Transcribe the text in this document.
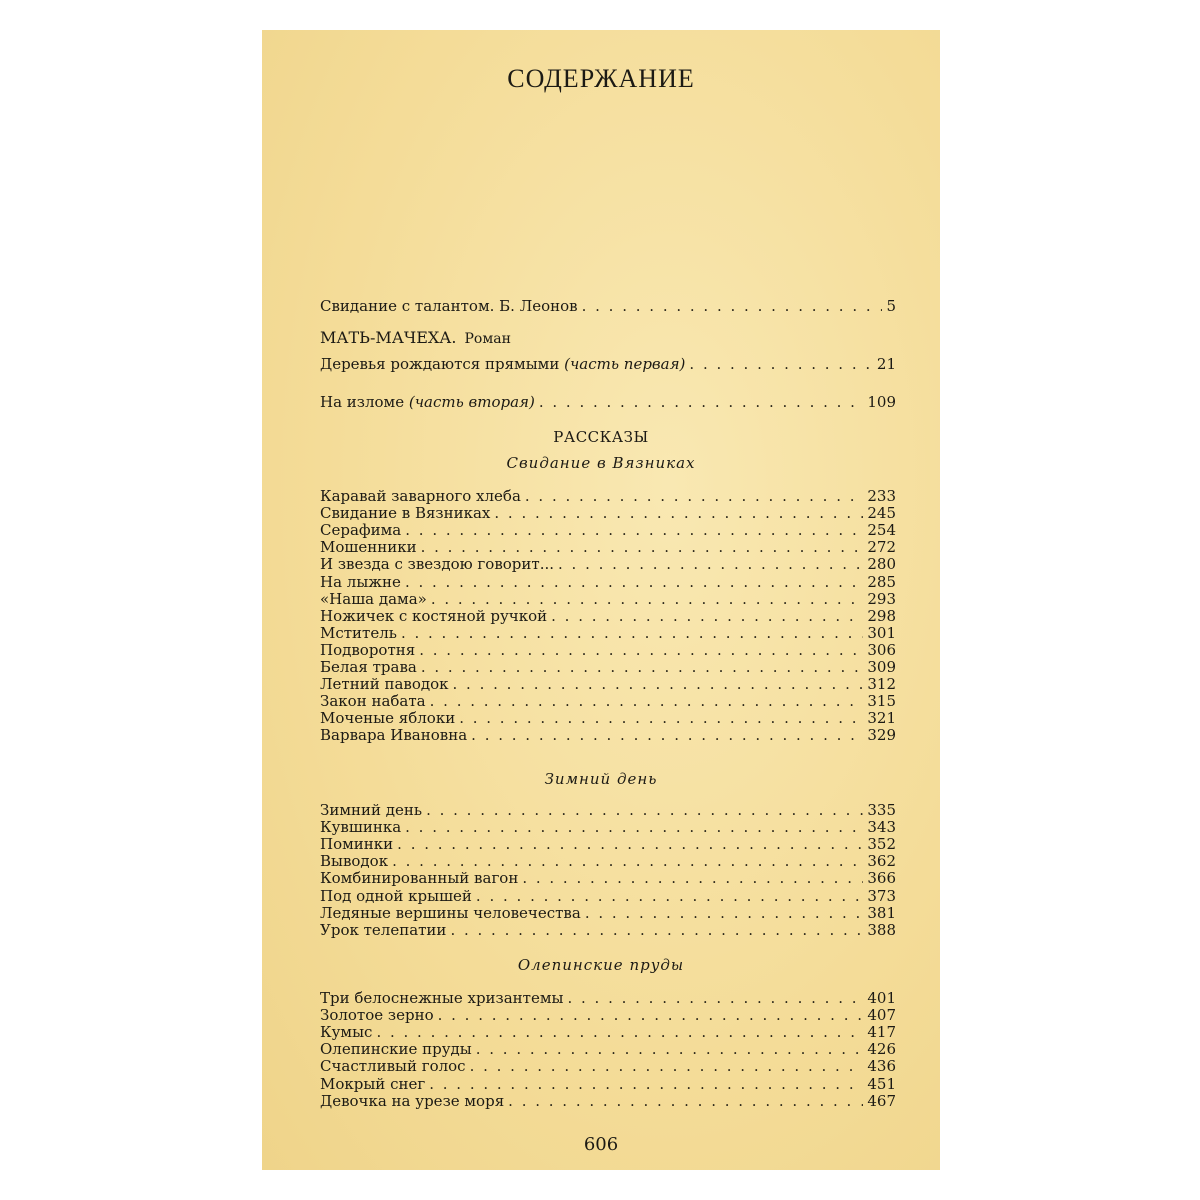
СОДЕРЖАНИЕ
Свидание с талантом. Б. Леонов . . .	5
МАТЬ-МАЧЕХА. Роман
Деревья рождаются прямыми (часть первая) . . .	21
На изломе (часть вторая) . . .	109
РАССКАЗЫ
Свидание в Вязниках
Каравай заварного хлеба . . .	233
Свидание в Вязниках . . .	245
Серафима . . .	254
Мошенники . . .	272
И звезда с звездою говорит... . . .	280
На лыжне . . .	285
«Наша дама» . . .	293
Ножичек с костяной ручкой . . .	298
Мститель . . .	301
Подворотня . . .	306
Белая трава . . .	309
Летний паводок . . .	312
Закон набата . . .	315
Моченые яблоки . . .	321
Варвара Ивановна . . .	329
Зимний день
Зимний день . . .	335
Кувшинка . . .	343
Поминки . . .	352
Выводок . . .	362
Комбинированный вагон . . .	366
Под одной крышей . . .	373
Ледяные вершины человечества . . .	381
Урок телепатии . . .	388
Олепинские пруды
Три белоснежные хризантемы . . .	401
Золотое зерно . . .	407
Кумыс . . .	417
Олепинские пруды . . .	426
Счастливый голос . . .	436
Мокрый снег . . .	451
Девочка на урезе моря . . .	467
606
